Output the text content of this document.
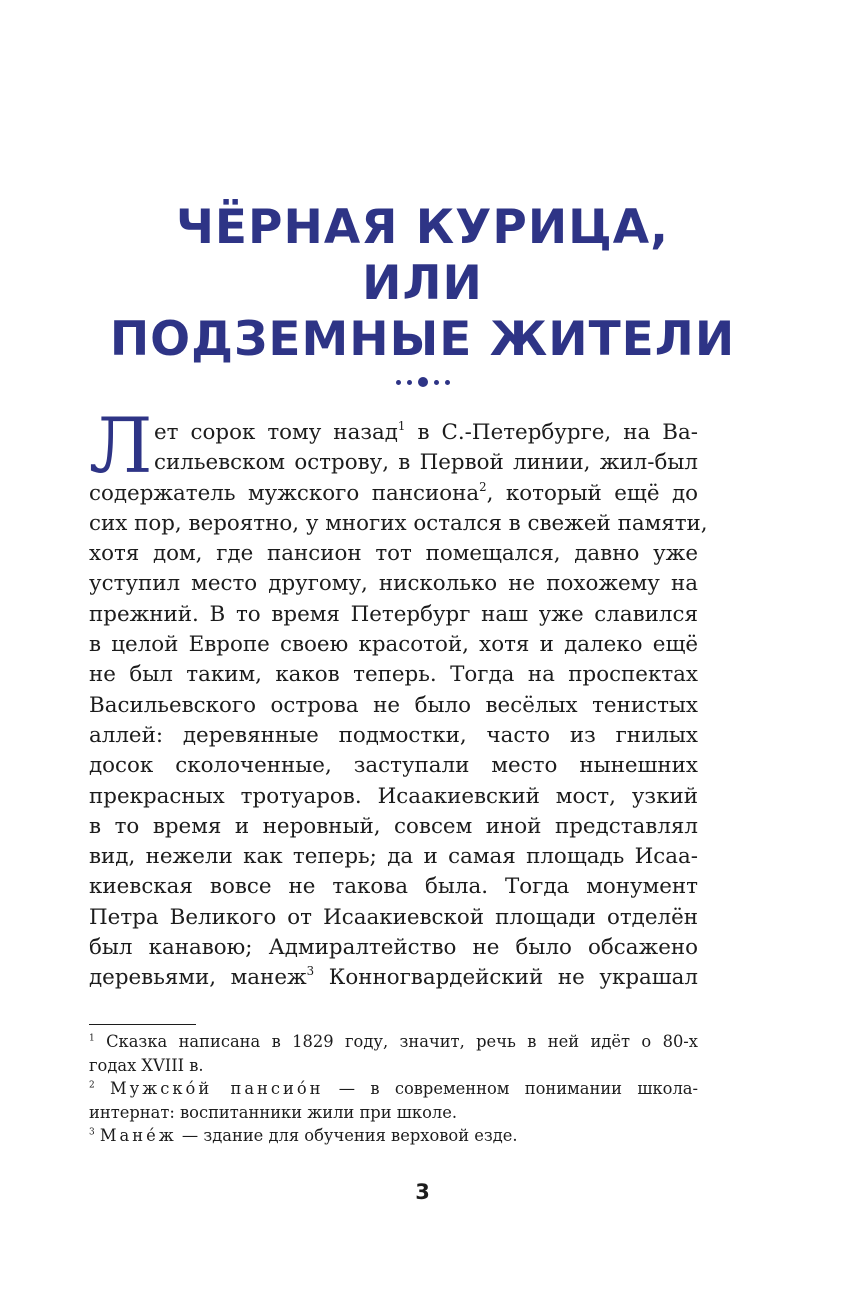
ЧЁРНАЯ КУРИЦА,
ИЛИ
ПОДЗЕМНЫЕ ЖИТЕЛИ
Л ет сорок тому назад$^1$ в С.-Петербурге, на Ва-
сильевском острову, в Первой линии, жил-был
содержатель мужского пансиона$^2$, который ещё до
сих пор, вероятно, у многих остался в свежей памяти,
хотя дом, где пансион тот помещался, давно уже
уступил место другому, нисколько не похожему на
прежний. В то время Петербург наш уже славился
в целой Европе своею красотой, хотя и далеко ещё
не был таким, каков теперь. Тогда на проспектах
Васильевского острова не было весёлых тенистых
аллей: деревянные подмостки, часто из гнилых
досок сколоченные, заступали место нынешних
прекрасных тротуаров. Исаакиевский мост, узкий
в то время и неровный, совсем иной представлял
вид, нежели как теперь; да и самая площадь Исаа-
киевская вовсе не такова была. Тогда монумент
Петра Великого от Исаакиевской площади отделён
был канавою; Адмиралтейство не было обсажено
деревьями, манеж$^3$ Конногвардейский не украшал
$^1$ Сказка написана в 1829 году, значит, речь в ней идёт о 80-х
годах XVIII в.
$^2$ Мужско́й пансио́н — в современном понимании школа-
интернат: воспитанники жили при школе.
$^3$ Мане́ж — здание для обучения верховой езде.
3
